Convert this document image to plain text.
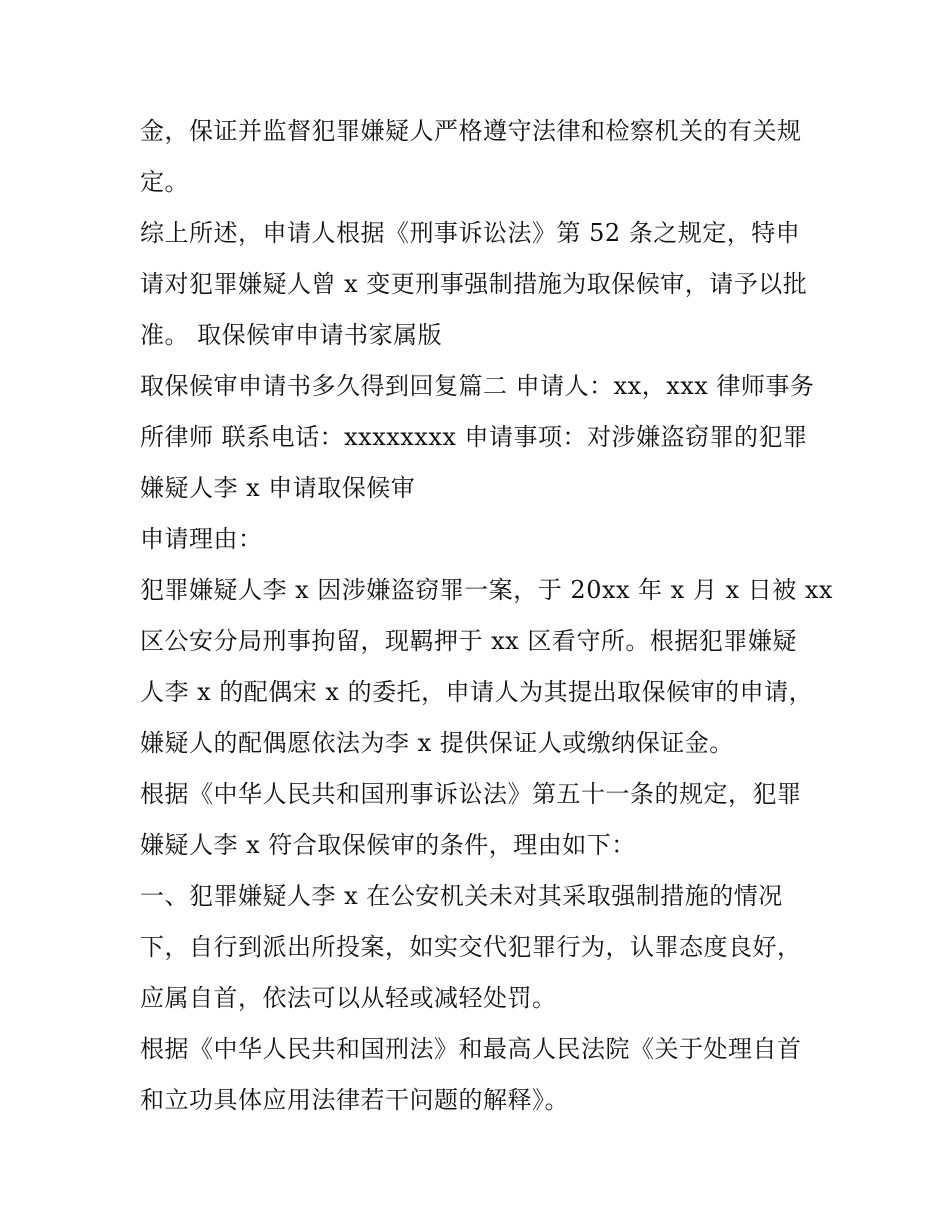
金，保证并监督犯罪嫌疑人严格遵守法律和检察机关的有关规
定。
综上所述，申请人根据《刑事诉讼法》第 52 条之规定，特申
请对犯罪嫌疑人曾 x 变更刑事强制措施为取保候审，请予以批
准。 取保候审申请书家属版
取保候审申请书多久得到回复篇二 申请人：xx，xxx 律师事务
所律师 联系电话：xxxxxxxx 申请事项：对涉嫌盗窃罪的犯罪
嫌疑人李 x 申请取保候审
申请理由：
犯罪嫌疑人李 x 因涉嫌盗窃罪一案，于 20xx 年 x 月 x 日被 xx
区公安分局刑事拘留，现羁押于 xx 区看守所。根据犯罪嫌疑
人李 x 的配偶宋 x 的委托，申请人为其提出取保候审的申请，
嫌疑人的配偶愿依法为李 x 提供保证人或缴纳保证金。
根据《中华人民共和国刑事诉讼法》第五十一条的规定，犯罪
嫌疑人李 x 符合取保候审的条件，理由如下：
一、犯罪嫌疑人李 x 在公安机关未对其采取强制措施的情况
下，自行到派出所投案，如实交代犯罪行为，认罪态度良好，
应属自首，依法可以从轻或减轻处罚。
根据《中华人民共和国刑法》和最高人民法院《关于处理自首
和立功具体应用法律若干问题的解释》。
